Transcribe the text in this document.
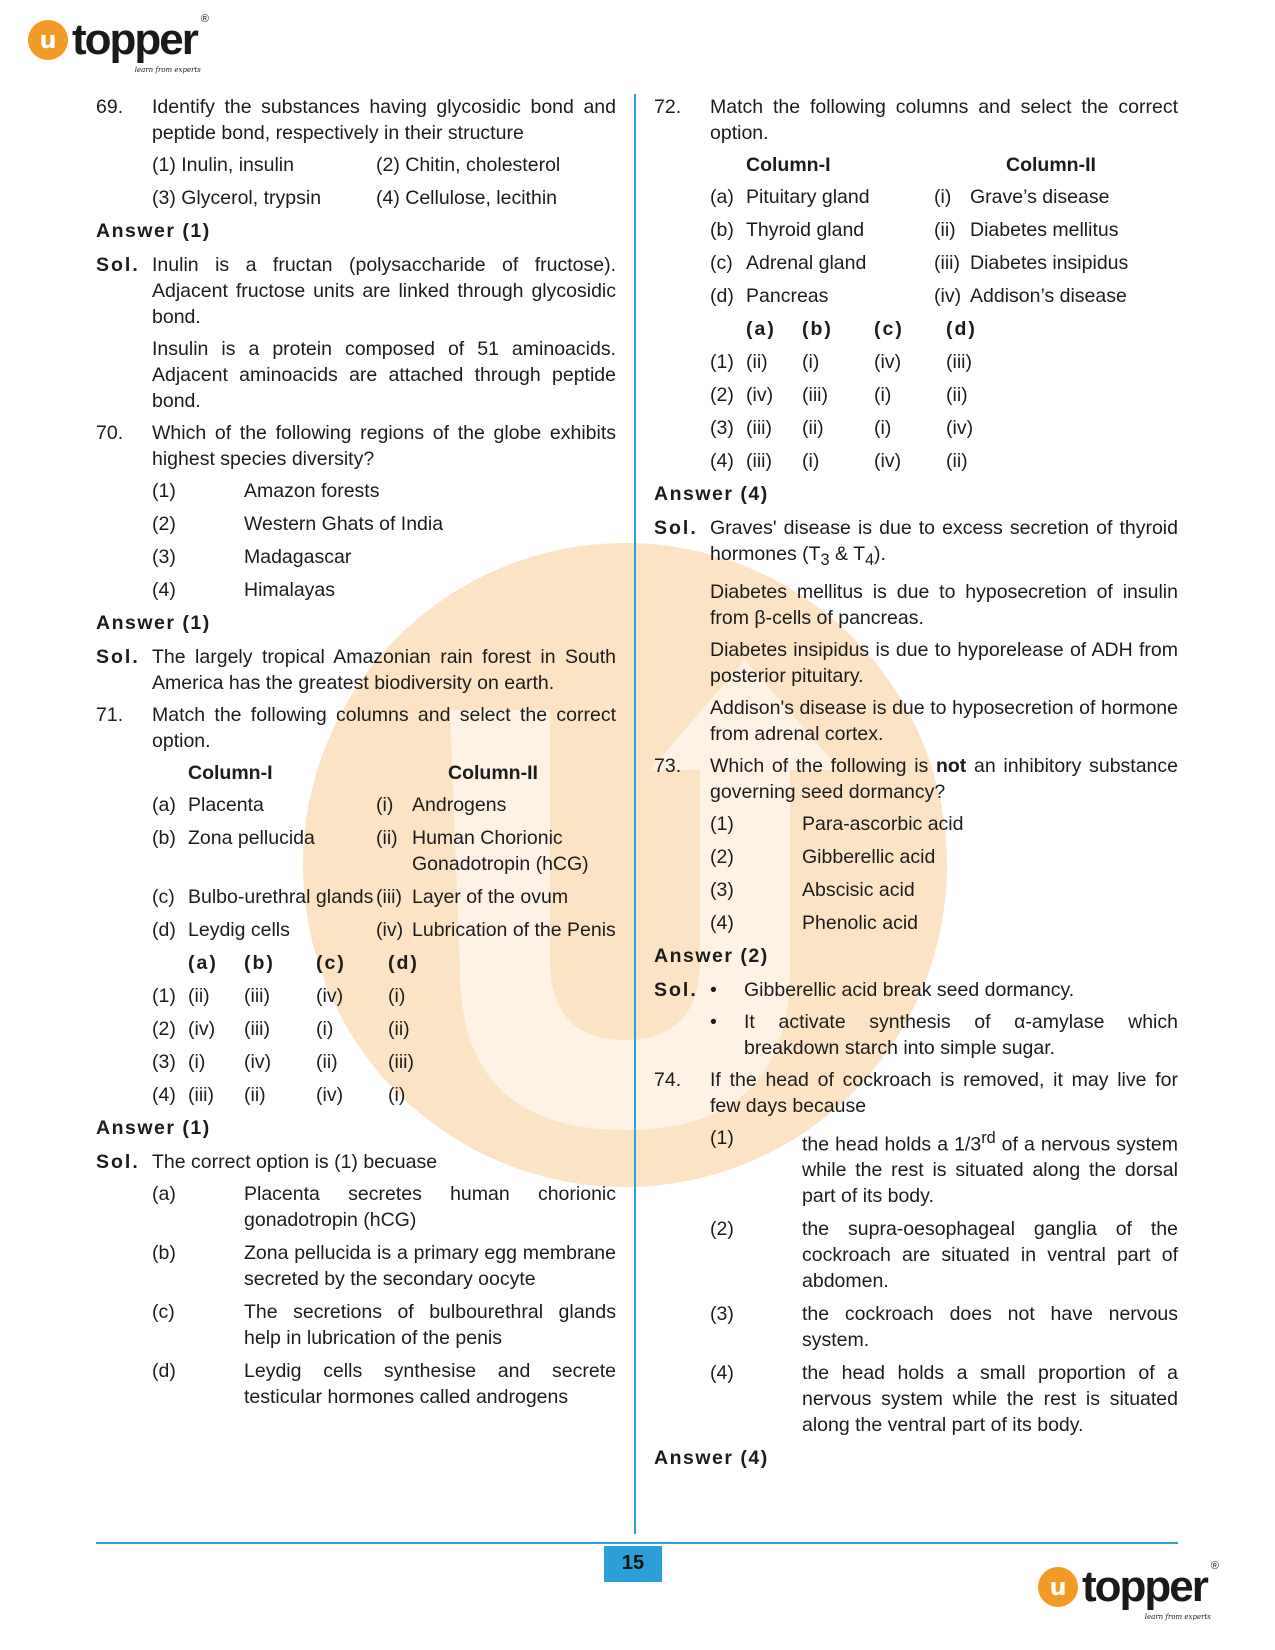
u topper ®
learn from experts
69.	Identify the substances having glycosidic bond and peptide bond, respectively in their structure
(1) Inulin, insulin	(2) Chitin, cholesterol
(3) Glycerol, trypsin	(4) Cellulose, lecithin
Answer (1)
Sol. Inulin is a fructan (polysaccharide of fructose). Adjacent fructose units are linked through glycosidic bond.
Insulin is a protein composed of 51 aminoacids. Adjacent aminoacids are attached through peptide bond.
70.	Which of the following regions of the globe exhibits highest species diversity?
(1)	Amazon forests
(2)	Western Ghats of India
(3)	Madagascar
(4)	Himalayas
Answer (1)
Sol. The largely tropical Amazonian rain forest in South America has the greatest biodiversity on earth.
71.	Match the following columns and select the correct option.
Column-I	Column-II
(a) Placenta	(i) Androgens
(b) Zona pellucida	(ii) Human Chorionic Gonadotropin (hCG)
(c) Bulbo-urethral glands (iii) Layer of the ovum
(d) Leydig cells	(iv) Lubrication of the Penis
(a)	(b)	(c)	(d)
(1) (ii)	(iii)	(iv)	(i)
(2) (iv)	(iii)	(i)	(ii)
(3) (i)	(iv)	(ii)	(iii)
(4) (iii)	(ii)	(iv)	(i)
Answer (1)
Sol. The correct option is (1) becuase
(a)	Placenta secretes human chorionic gonadotropin (hCG)
(b)	Zona pellucida is a primary egg membrane secreted by the secondary oocyte
(c)	The secretions of bulbourethral glands help in lubrication of the penis
(d)	Leydig cells synthesise and secrete testicular hormones called androgens
72.	Match the following columns and select the correct option.
Column-I	Column-II
(a) Pituitary gland	(i) Grave’s disease
(b) Thyroid gland	(ii) Diabetes mellitus
(c) Adrenal gland	(iii) Diabetes insipidus
(d) Pancreas	(iv) Addison’s disease
(a)	(b)	(c)	(d)
(1) (ii)	(i)	(iv)	(iii)
(2) (iv)	(iii)	(i)	(ii)
(3) (iii)	(ii)	(i)	(iv)
(4) (iii)	(i)	(iv)	(ii)
Answer (4)
Sol. Graves' disease is due to excess secretion of thyroid hormones ($T_3$ & $T_4$).
Diabetes mellitus is due to hyposecretion of insulin from β-cells of pancreas.
Diabetes insipidus is due to hyporelease of ADH from posterior pituitary.
Addison's disease is due to hyposecretion of hormone from adrenal cortex.
73.	Which of the following is not an inhibitory substance governing seed dormancy?
(1)	Para-ascorbic acid
(2)	Gibberellic acid
(3)	Abscisic acid
(4)	Phenolic acid
Answer (2)
Sol. • Gibberellic acid break seed dormancy.
• It activate synthesis of α-amylase which breakdown starch into simple sugar.
74.	If the head of cockroach is removed, it may live for few days because
(1)	the head holds a 1/3rd of a nervous system while the rest is situated along the dorsal part of its body.
(2)	the supra-oesophageal ganglia of the cockroach are situated in ventral part of abdomen.
(3)	the cockroach does not have nervous system.
(4)	the head holds a small proportion of a nervous system while the rest is situated along the ventral part of its body.
Answer (4)
15
u topper ®
learn from experts
